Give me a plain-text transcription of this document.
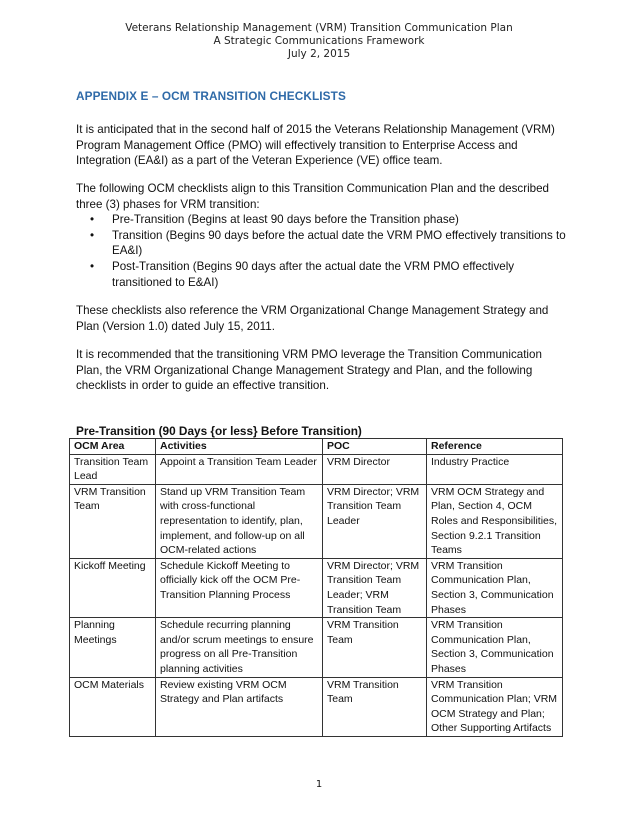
Veterans Relationship Management (VRM) Transition Communication Plan
A Strategic Communications Framework
July 2, 2015
APPENDIX E – OCM TRANSITION CHECKLISTS
It is anticipated that in the second half of 2015 the Veterans Relationship Management (VRM) Program Management Office (PMO) will effectively transition to Enterprise Access and Integration (EA&I) as a part of the Veteran Experience (VE) office team.
The following OCM checklists align to this Transition Communication Plan and the described three (3) phases for VRM transition:
• Pre-Transition (Begins at least 90 days before the Transition phase)
• Transition (Begins 90 days before the actual date the VRM PMO effectively transitions to EA&I)
• Post-Transition (Begins 90 days after the actual date the VRM PMO effectively transitioned to E&AI)
These checklists also reference the VRM Organizational Change Management Strategy and Plan (Version 1.0) dated July 15, 2011.
It is recommended that the transitioning VRM PMO leverage the Transition Communication Plan, the VRM Organizational Change Management Strategy and Plan, and the following checklists in order to guide an effective transition.
Pre-Transition (90 Days {or less} Before Transition)
OCM Area	Activities	POC	Reference
Transition Team Lead	Appoint a Transition Team Leader	VRM Director	Industry Practice
VRM Transition Team	Stand up VRM Transition Team with cross-functional representation to identify, plan, implement, and follow-up on all OCM-related actions	VRM Director; VRM Transition Team Leader	VRM OCM Strategy and Plan, Section 4, OCM Roles and Responsibilities, Section 9.2.1 Transition Teams
Kickoff Meeting	Schedule Kickoff Meeting to officially kick off the OCM Pre-Transition Planning Process	VRM Director; VRM Transition Team Leader; VRM Transition Team	VRM Transition Communication Plan, Section 3, Communication Phases
Planning Meetings	Schedule recurring planning and/or scrum meetings to ensure progress on all Pre-Transition planning activities	VRM Transition Team	VRM Transition Communication Plan, Section 3, Communication Phases
OCM Materials	Review existing VRM OCM Strategy and Plan artifacts	VRM Transition Team	VRM Transition Communication Plan; VRM OCM Strategy and Plan; Other Supporting Artifacts
1
